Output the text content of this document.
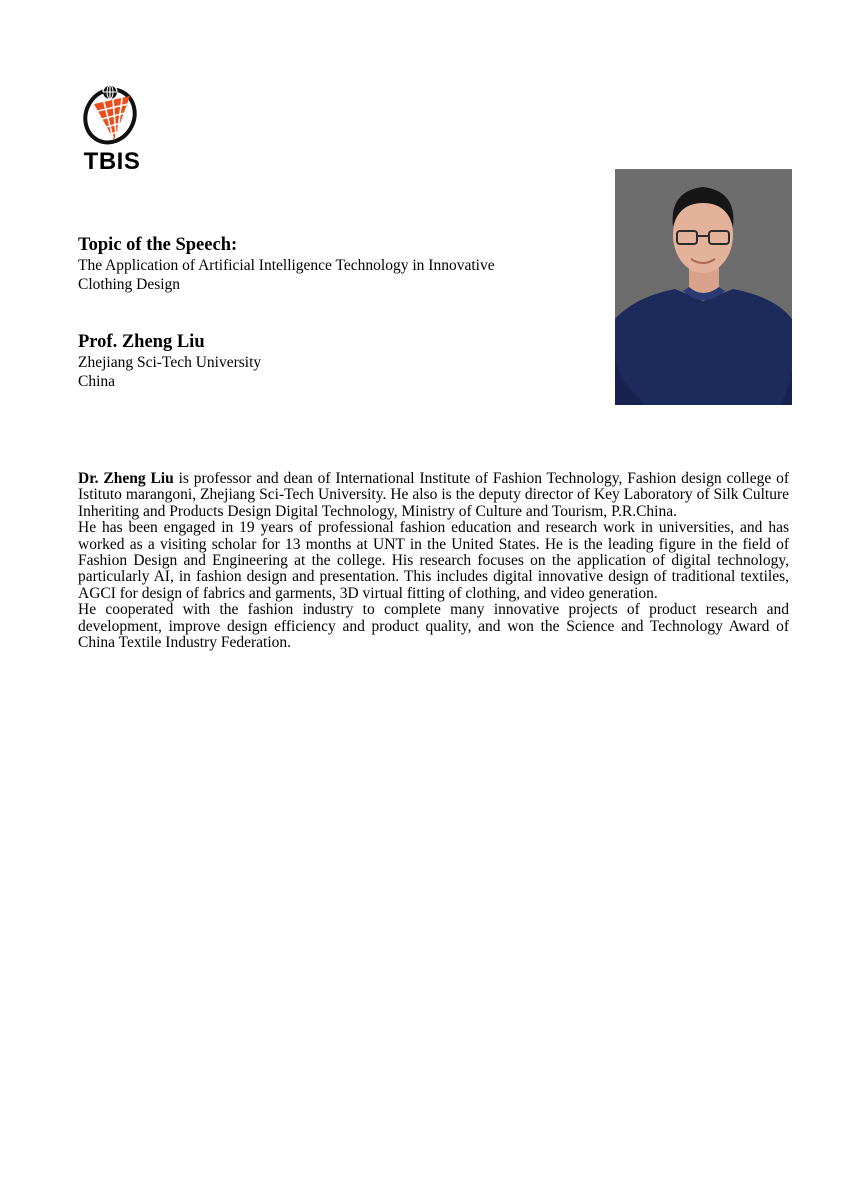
TBIS

Topic of the Speech:

The Application of Artificial Intelligence Technology in Innovative

Clothing Design

Prof. Zheng Liu

Zhejiang Sci-Tech University

China

Dr. Zheng Liu is professor and dean of International Institute of Fashion Technology, Fashion design college of Istituto marangoni, Zhejiang Sci-Tech University. He also is the deputy director of Key Laboratory of Silk Culture Inheriting and Products Design Digital Technology, Ministry of Culture and Tourism, P.R.China.

He has been engaged in 19 years of professional fashion education and research work in universities, and has worked as a visiting scholar for 13 months at UNT in the United States. He is the leading figure in the field of Fashion Design and Engineering at the college. His research focuses on the application of digital technology, particularly AI, in fashion design and presentation. This includes digital innovative design of traditional textiles, AGCI for design of fabrics and garments, 3D virtual fitting of clothing, and video generation.

He cooperated with the fashion industry to complete many innovative projects of product research and development, improve design efficiency and product quality, and won the Science and Technology Award of China Textile Industry Federation.
